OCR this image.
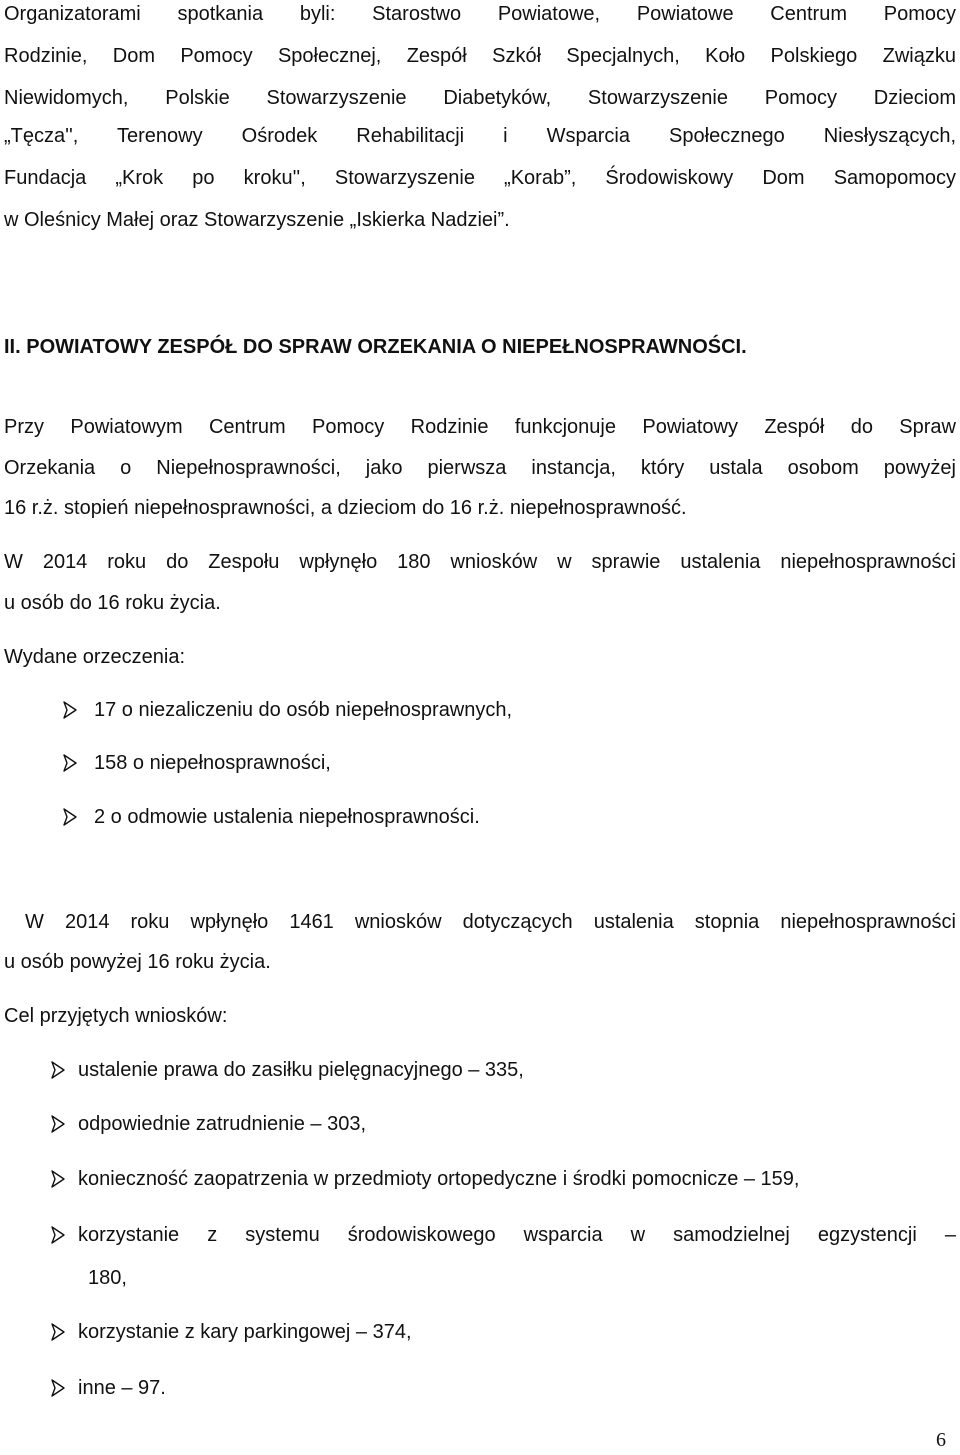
Organizatorami spotkania byli: Starostwo Powiatowe, Powiatowe Centrum Pomocy
Rodzinie, Dom Pomocy Społecznej, Zespół Szkół Specjalnych, Koło Polskiego Związku
Niewidomych, Polskie Stowarzyszenie Diabetyków, Stowarzyszenie Pomocy Dzieciom
„Tęcza'', Terenowy Ośrodek Rehabilitacji i Wsparcia Społecznego Niesłyszących,
Fundacja „Krok po kroku'', Stowarzyszenie „Korab”, Środowiskowy Dom Samopomocy
w Oleśnicy Małej oraz Stowarzyszenie „Iskierka Nadziei”.
II. POWIATOWY ZESPÓŁ DO SPRAW ORZEKANIA O NIEPEŁNOSPRAWNOŚCI.
Przy Powiatowym Centrum Pomocy Rodzinie funkcjonuje Powiatowy Zespół do Spraw
Orzekania o Niepełnosprawności, jako pierwsza instancja, który ustala osobom powyżej
16 r.ż. stopień niepełnosprawności, a dzieciom do 16 r.ż. niepełnosprawność.
W 2014 roku do Zespołu wpłynęło 180 wniosków w sprawie ustalenia niepełnosprawności
u osób do 16 roku życia.
Wydane orzeczenia:
17 o niezaliczeniu do osób niepełnosprawnych,
158 o niepełnosprawności,
2 o odmowie ustalenia niepełnosprawności.
W 2014 roku wpłynęło 1461 wniosków dotyczących ustalenia stopnia niepełnosprawności
u osób powyżej 16 roku życia.
Cel przyjętych wniosków:
ustalenie prawa do zasiłku pielęgnacyjnego – 335,
odpowiednie zatrudnienie – 303,
konieczność zaopatrzenia w przedmioty ortopedyczne i środki pomocnicze – 159,
korzystanie z systemu środowiskowego wsparcia w samodzielnej egzystencji –
180,
korzystanie z kary parkingowej – 374,
inne – 97.
6
